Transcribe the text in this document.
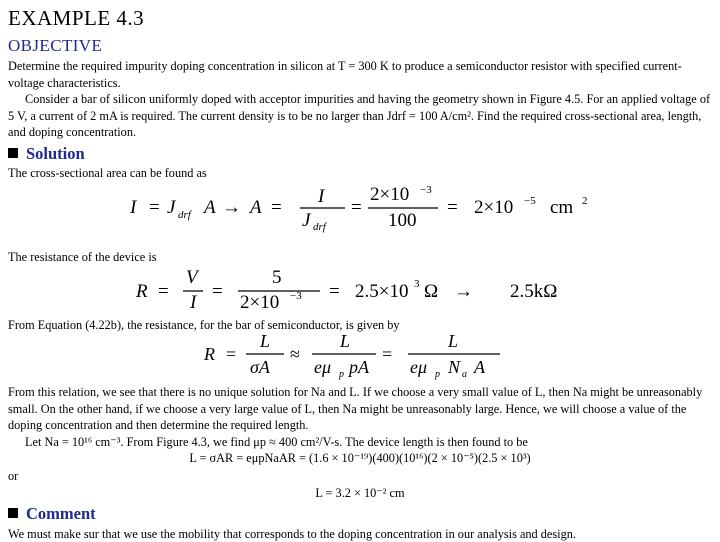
EXAMPLE 4.3
OBJECTIVE
Determine the required impurity doping concentration in silicon at T = 300 K to produce a semiconductor resistor with specified current-voltage characteristics.
Consider a bar of silicon uniformly doped with acceptor impurities and having the geometry shown in Figure 4.5. For an applied voltage of 5 V, a current of 2 mA is required. The current density is to be no larger than Jdrf = 100 A/cm². Find the required cross-sectional area, length, and doping concentration.
Solution
The cross-sectional area can be found as
I = J drf A → A =
I
J drf
=
2×10 −3
100
= 2×10 −5 cm 2
The resistance of the device is
R =
V
I
=
5
2×10 −3 = 2.5×10 3 Ω → 2.5kΩ
From Equation (4.22b), the resistance, for the bar of semiconductor, is given by
R =
L
σA
≈
L
eμ p pA
=
L
eμ p N a A
From this relation, we see that there is no unique solution for Na and L. If we choose a very small value of L, then Na might be unreasonably small. On the other hand, if we choose a very large value of L, then Na might be unreasonably large. Hence, we will choose a value of the doping concentration and then determine the required length.
Let Na = 10¹⁶ cm⁻³. From Figure 4.3, we find μp ≈ 400 cm²/V-s. The device length is then found to be
L = σAR = eμpNaAR = (1.6 × 10⁻¹⁹)(400)(10¹⁶)(2 × 10⁻⁵)(2.5 × 10³)
or
L = 3.2 × 10⁻² cm
Comment
We must make sur that we use the mobility that corresponds to the doping concentration in our analysis and design.
